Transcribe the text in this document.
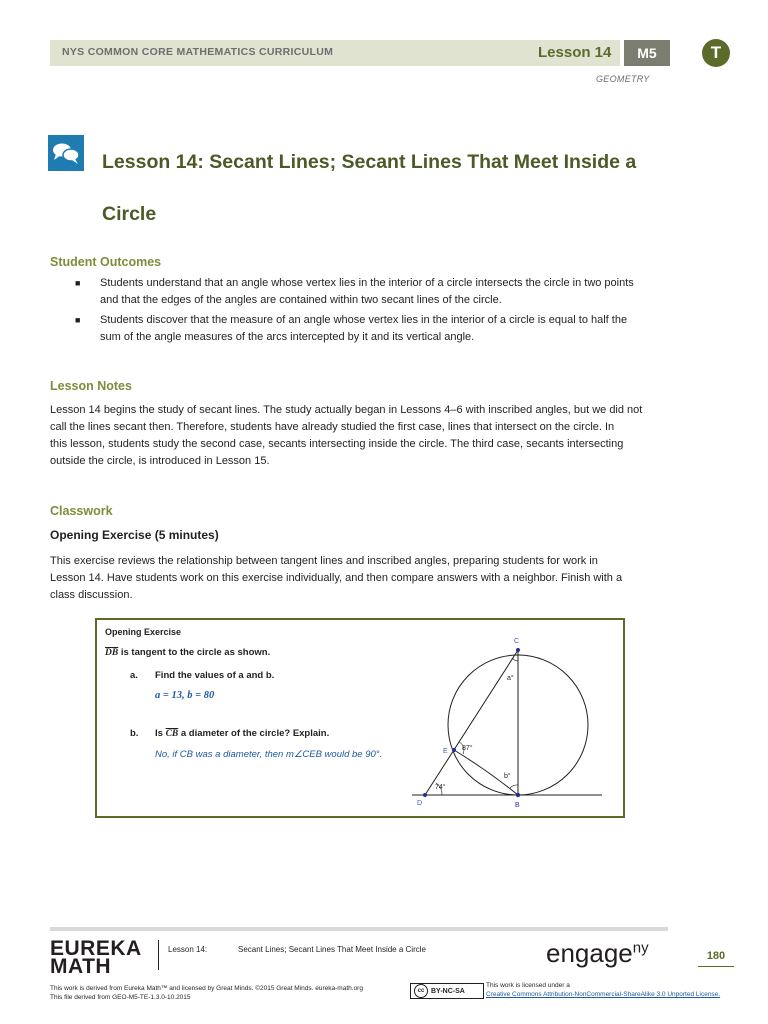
NYS COMMON CORE MATHEMATICS CURRICULUM	Lesson 14	M5	T
GEOMETRY
Lesson 14: Secant Lines; Secant Lines That Meet Inside a
Circle
Student Outcomes
■ Students understand that an angle whose vertex lies in the interior of a circle intersects the circle in two points
and that the edges of the angles are contained within two secant lines of the circle.
■ Students discover that the measure of an angle whose vertex lies in the interior of a circle is equal to half the
sum of the angle measures of the arcs intercepted by it and its vertical angle.
Lesson Notes

Lesson 14 begins the study of secant lines. The study actually began in Lessons 4–6 with inscribed angles, but we did not
call the lines secant then. Therefore, students have already studied the first case, lines that intersect on the circle. In
this lesson, students study the second case, secants intersecting inside the circle. The third case, secants intersecting
outside the circle, is introduced in Lesson 15.

Classwork
Opening Exercise (5 minutes)

This exercise reviews the relationship between tangent lines and inscribed angles, preparing students for work in
Lesson 14. Have students work on this exercise individually, and then compare answers with a neighbor. Finish with a
class discussion.

Opening Exercise
$\overline{DB}$ is tangent to the circle as shown.
a. Find the values of a and b.
a = 13, b = 80
b. Is $\overline{CB}$ a diameter of the circle? Explain.
No, if CB was a diameter, then m∠CEB would be 90°.
C
E
D	B
a°
b°
87°
74°
EUREKA
MATH
Lesson 14:	Secant Lines; Secant Lines That Meet Inside a Circle	engage$^{ny}$	180
This work is derived from Eureka Math™ and licensed by Great Minds. ©2015 Great Minds. eureka-math.org
This file derived from GEO-M5-TE-1.3.0-10.2015
cc BY-NC-SA
This work is licensed under a
Creative Commons Attribution-NonCommercial-ShareAlike 3.0 Unported License.
